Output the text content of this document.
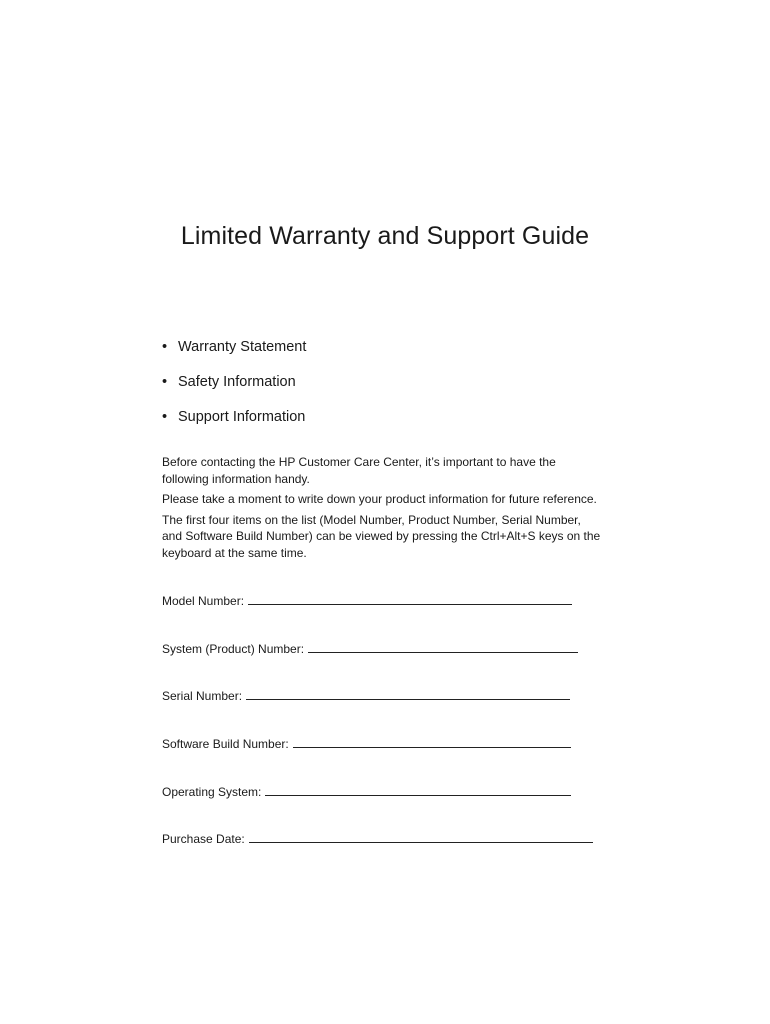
Limited Warranty and Support Guide
• Warranty Statement
• Safety Information
• Support Information

Before contacting the HP Customer Care Center, it’s important to have the following information handy.

Please take a moment to write down your product information for future reference.

The first four items on the list (Model Number, Product Number, Serial Number, and Software Build Number) can be viewed by pressing the Ctrl+Alt+S keys on the keyboard at the same time.

Model Number:
System (Product) Number:
Serial Number:
Software Build Number:
Operating System:
Purchase Date:
